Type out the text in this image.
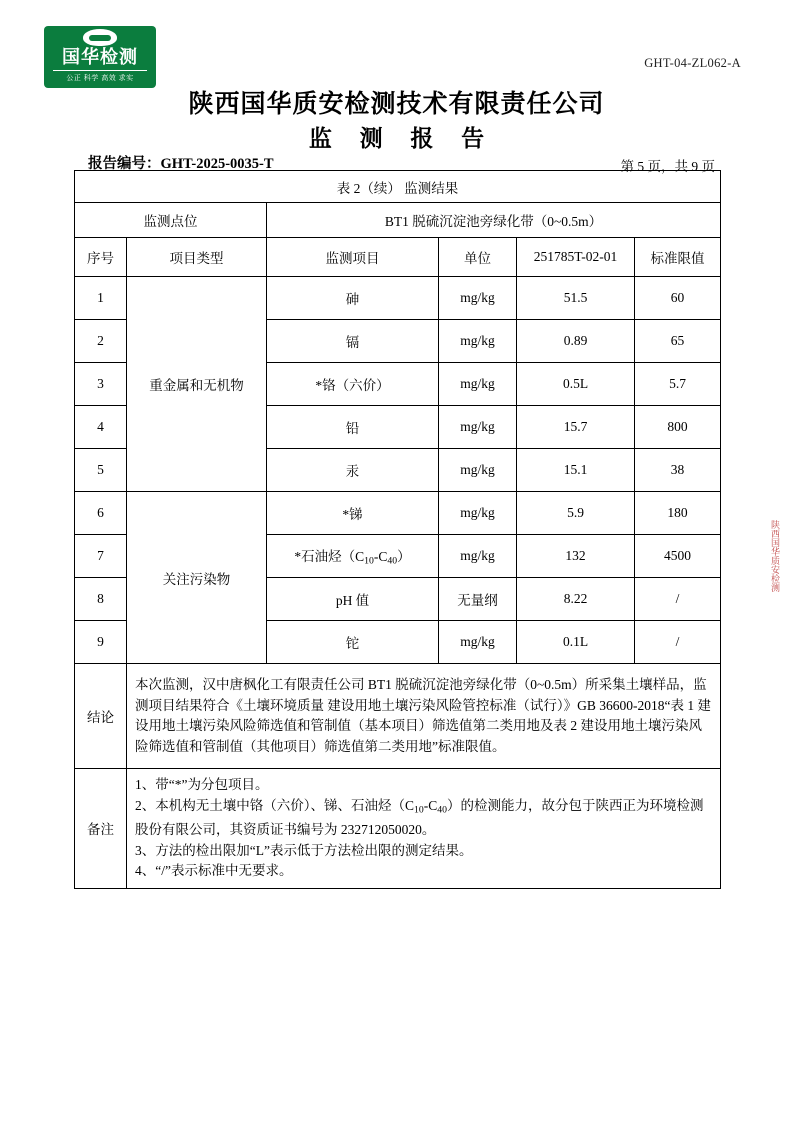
GHT-04-ZL062-A
国华检测
公正 科学 高效 求实
陕西国华质安检测技术有限责任公司
监 测 报 告
报告编号：GHT-2025-0035-T	第 5 页，共 9 页
表 2（续） 监测结果					
监测点位		BT1 脱硫沉淀池旁绿化带（0~0.5m）			
序号	项目类型	监测项目	单位	251785T-02-01	标准限值
1	重金属和无机物	砷	mg/kg	51.5	60
2		镉	mg/kg	0.89	65
3		*铬（六价）	mg/kg	0.5L	5.7
4		铅	mg/kg	15.7	800
5		汞	mg/kg	15.1	38
6	关注污染物	*锑	mg/kg	5.9	180
7		*石油烃$(C_{10}-C_{40})$	mg/kg	132	4500
8		pH 值	无量纲	8.22	/
9		铊	mg/kg	0.1L	/
结论	本次监测，汉中唐枫化工有限责任公司 BT1 脱硫沉淀池旁绿化带（0~0.5m）所采集土壤样品，监测项目结果符合《土壤环境质量 建设用地土壤污染风险管控标准（试行）》GB 36600-2018“表 1 建设用地土壤污染风险筛选值和管制值（基本项目）筛选值第二类用地及表 2 建设用地土壤污染风险筛选值和管制值（其他项目）筛选值第二类用地”标准限值。				
备注	1、带“*”为分包项目。
2、本机构无土壤中铬（六价）、锑、石油烃$(C_{10}-C_{40})$的检测能力，故分包于陕西正为环境检测股份有限公司，其资质证书编号为 232712050020。
3、方法的检出限加“L”表示低于方法检出限的测定结果。
4、“/”表示标准中无要求。				
陕西国华
质安检测
